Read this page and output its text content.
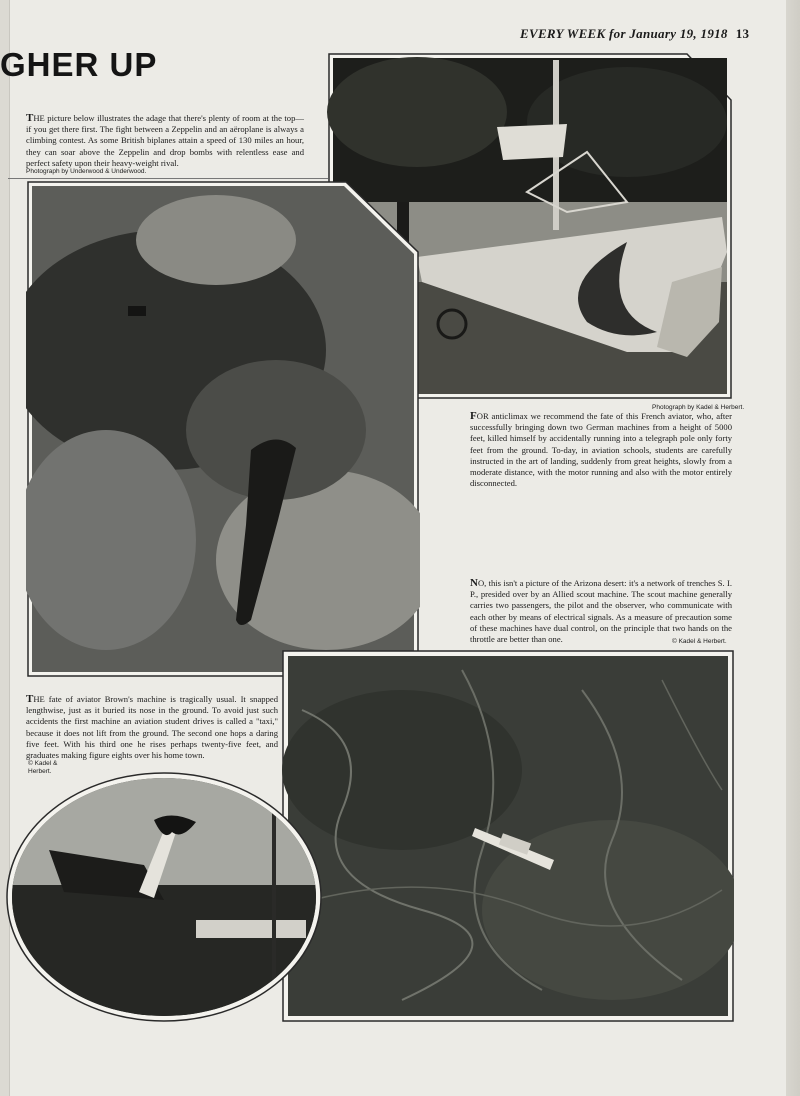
EVERY WEEK for January 19, 1918 13
GHER UP
THE picture below illustrates the adage that there's plenty of room at the top—if you get there first. The fight between a Zeppelin and an aëroplane is always a climbing contest. As some British biplanes attain a speed of 130 miles an hour, they can soar above the Zeppelin and drop bombs with relentless ease and perfect safety upon their heavy-weight rival.
Photograph by Underwood & Underwood.
Photograph by Kadel & Herbert.
FOR anticlimax we recommend the fate of this French aviator, who, after successfully bringing down two German machines from a height of 5000 feet, killed himself by accidentally running into a telegraph pole only forty feet from the ground. To-day, in aviation schools, students are carefully instructed in the art of landing, suddenly from great heights, slowly from a moderate distance, with the motor running and also with the motor entirely disconnected.
NO, this isn't a picture of the Arizona desert: it's a network of trenches S. I. P., presided over by an Allied scout machine. The scout machine generally carries two passengers, the pilot and the observer, who communicate with each other by means of electrical signals. As a measure of precaution some of these machines have dual control, on the principle that two hands on the throttle are better than one.	© Kadel & Herbert.
THE fate of aviator Brown's machine is tragically usual. It snapped lengthwise, just as it buried its nose in the ground. To avoid just such accidents the first machine an aviation student drives is called a "taxi," because it does not lift from the ground. The second one hops a daring five feet. With his third one he rises perhaps twenty-five feet, and graduates making figure eights over his home town.
© Kadel & Herbert.
